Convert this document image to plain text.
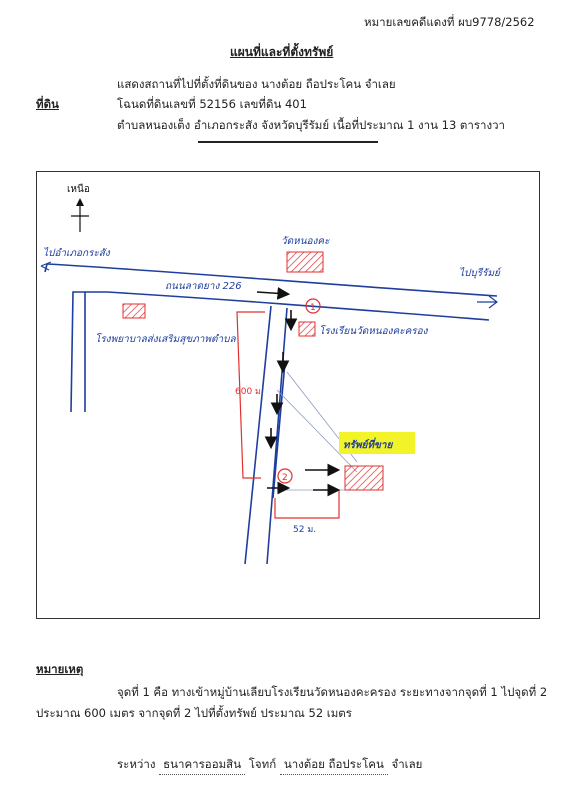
หมายเลขคดีแดงที่ ผบ9778/2562
แผนที่และที่ตั้งทรัพย์
แสดงสถานที่ไปที่ตั้งที่ดินของ นางต้อย ถือประโคน จำเลย
ที่ดิน	โฉนดที่ดินเลขที่ 52156 เลขที่ดิน 401
ตำบลหนองเต็ง อำเภอกระสัง จังหวัดบุรีรัมย์ เนื้อที่ประมาณ 1 งาน 13 ตารางวา
เหนือ
ไปอำเภอกระสัง
ไปบุรีรัมย์
วัดหนองคะ
ถนนลาดยาง 226
โรงเรียนวัดหนองคะครอง
โรงพยาบาลส่งเสริมสุขภาพตำบล
ทรัพย์ที่ขาย
1
2
600 ม.
52 ม.
หมายเหตุ
จุดที่ 1 คือ ทางเข้าหมู่บ้านเลียบโรงเรียนวัดหนองคะครอง ระยะทางจากจุดที่ 1 ไปจุดที่ 2
ประมาณ 600 เมตร จากจุดที่ 2 ไปที่ตั้งทรัพย์ ประมาณ 52 เมตร
ระหว่าง ธนาคารออมสิน โจทก์ นางต้อย ถือประโคน จำเลย
